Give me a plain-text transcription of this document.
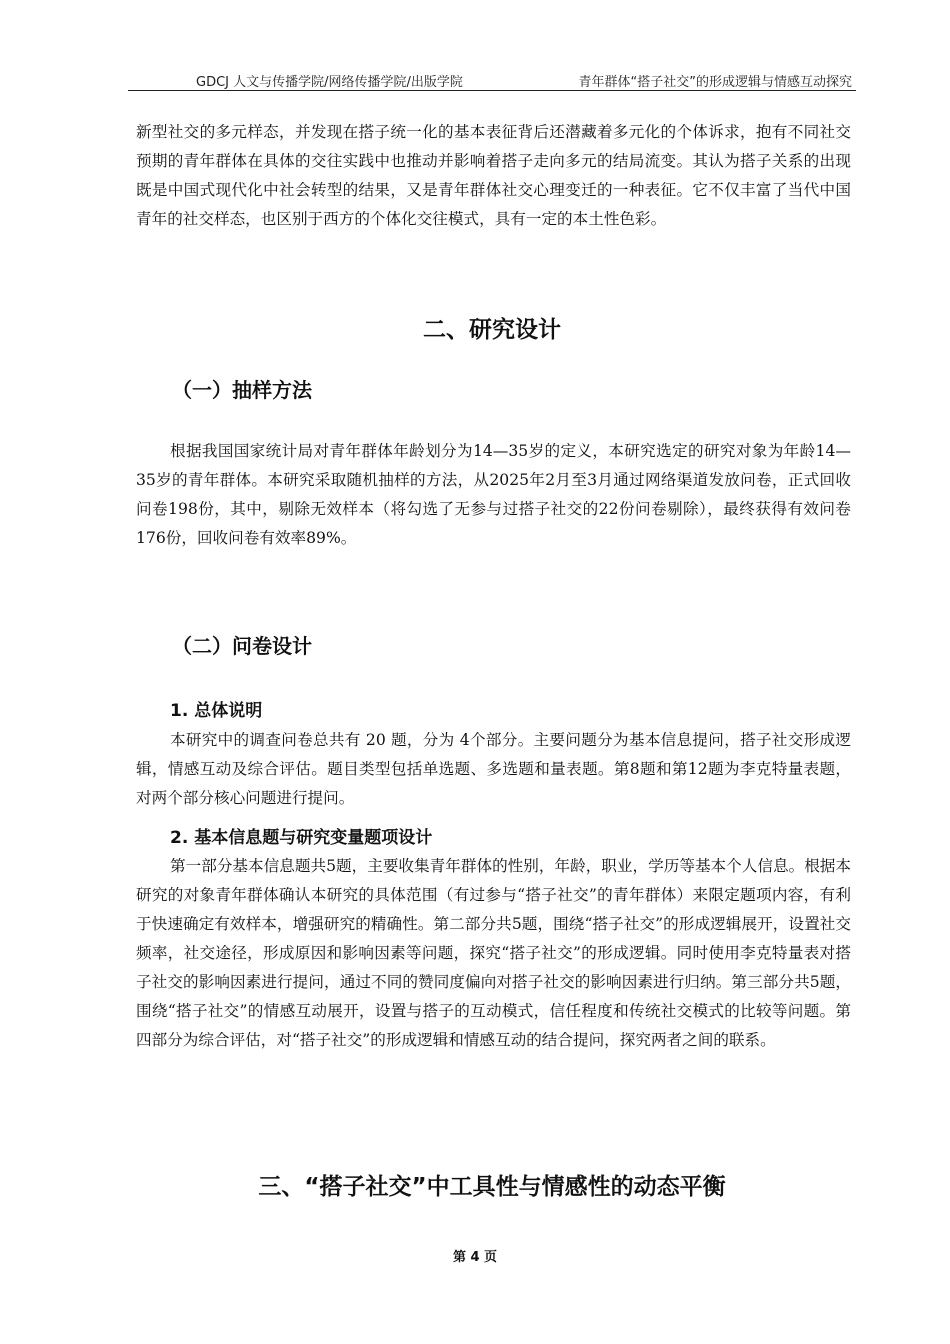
GDCJ 人文与传播学院/网络传播学院/出版学院	青年群体“搭子社交”的形成逻辑与情感互动探究

新型社交的多元样态，并发现在搭子统一化的基本表征背后还潜藏着多元化的个体诉求，抱有不同社交预期的青年群体在具体的交往实践中也推动并影响着搭子走向多元的结局流变。其认为搭子关系的出现既是中国式现代化中社会转型的结果，又是青年群体社交心理变迁的一种表征。它不仅丰富了当代中国青年的社交样态，也区别于西方的个体化交往模式，具有一定的本土性色彩。

二、研究设计
（一）抽样方法

根据我国国家统计局对青年群体年龄划分为14—35岁的定义，本研究选定的研究对象为年龄14—35岁的青年群体。本研究采取随机抽样的方法，从2025年2月至3月通过网络渠道发放问卷，正式回收问卷198份，其中，剔除无效样本（将勾选了无参与过搭子社交的22份问卷剔除），最终获得有效问卷176份，回收问卷有效率89%。

（二）问卷设计
1. 总体说明

本研究中的调查问卷总共有 20 题，分为 4个部分。主要问题分为基本信息提问，搭子社交形成逻辑，情感互动及综合评估。题目类型包括单选题、多选题和量表题。第8题和第12题为李克特量表题，对两个部分核心问题进行提问。

2. 基本信息题与研究变量题项设计

第一部分基本信息题共5题，主要收集青年群体的性别，年龄，职业，学历等基本个人信息。根据本研究的对象青年群体确认本研究的具体范围（有过参与“搭子社交”的青年群体）来限定题项内容，有利于快速确定有效样本，增强研究的精确性。第二部分共5题，围绕“搭子社交”的形成逻辑展开，设置社交频率，社交途径，形成原因和影响因素等问题，探究“搭子社交”的形成逻辑。同时使用李克特量表对搭子社交的影响因素进行提问，通过不同的赞同度偏向对搭子社交的影响因素进行归纳。第三部分共5题，围绕“搭子社交”的情感互动展开，设置与搭子的互动模式，信任程度和传统社交模式的比较等问题。第四部分为综合评估，对“搭子社交”的形成逻辑和情感互动的结合提问，探究两者之间的联系。

三、“搭子社交”中工具性与情感性的动态平衡
第 4 页
